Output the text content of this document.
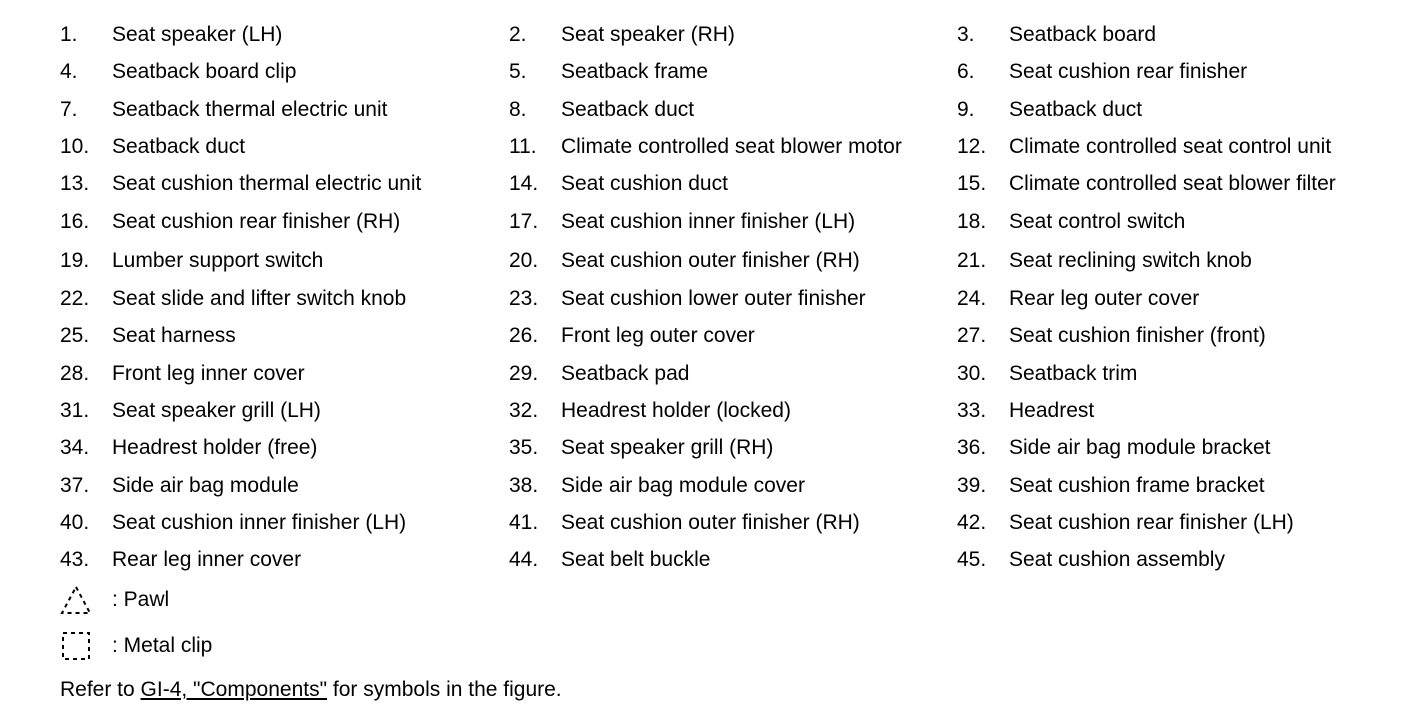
1. Seat speaker (LH)	2. Seat speaker (RH)	3. Seatback board
4. Seatback board clip	5. Seatback frame	6. Seat cushion rear finisher
7. Seatback thermal electric unit	8. Seatback duct	9. Seatback duct
10. Seatback duct	11. Climate controlled seat blower motor	12. Climate controlled seat control unit
13. Seat cushion thermal electric unit	14. Seat cushion duct	15. Climate controlled seat blower filter
16. Seat cushion rear finisher (RH)	17. Seat cushion inner finisher (LH)	18. Seat control switch
19. Lumber support switch	20. Seat cushion outer finisher (RH)	21. Seat reclining switch knob
22. Seat slide and lifter switch knob	23. Seat cushion lower outer finisher	24. Rear leg outer cover
25. Seat harness	26. Front leg outer cover	27. Seat cushion finisher (front)
28. Front leg inner cover	29. Seatback pad	30. Seatback trim
31. Seat speaker grill (LH)	32. Headrest holder (locked)	33. Headrest
34. Headrest holder (free)	35. Seat speaker grill (RH)	36. Side air bag module bracket
37. Side air bag module	38. Side air bag module cover	39. Seat cushion frame bracket
40. Seat cushion inner finisher (LH)	41. Seat cushion outer finisher (RH)	42. Seat cushion rear finisher (LH)
43. Rear leg inner cover	44. Seat belt buckle	45. Seat cushion assembly
: Pawl
: Metal clip
Refer to GI-4, "Components" for symbols in the figure.
